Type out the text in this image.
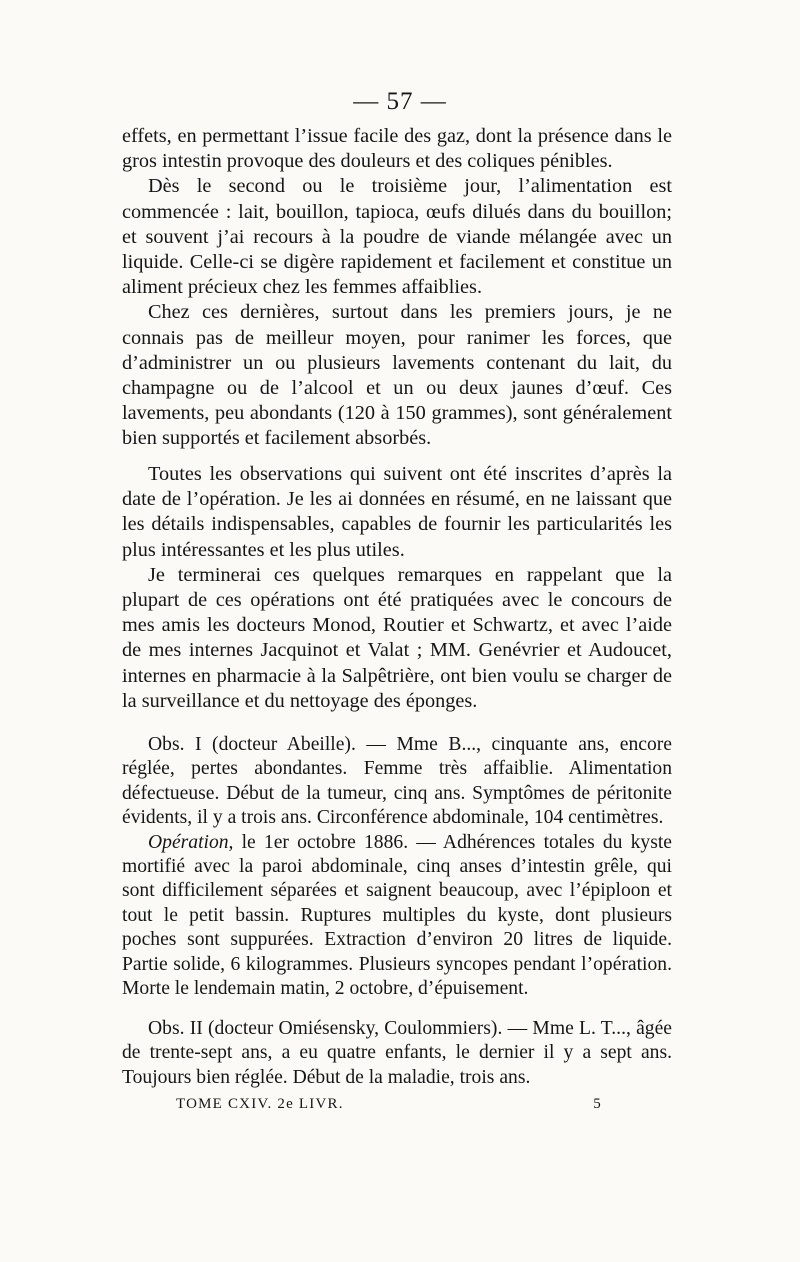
— 57 —

effets, en permettant l’issue facile des gaz, dont la présence dans le gros intestin provoque des douleurs et des coliques pénibles.

Dès le second ou le troisième jour, l’alimentation est commencée : lait, bouillon, tapioca, œufs dilués dans du bouillon; et souvent j’ai recours à la poudre de viande mélangée avec un liquide. Celle-ci se digère rapidement et facilement et constitue un aliment précieux chez les femmes affaiblies.

Chez ces dernières, surtout dans les premiers jours, je ne connais pas de meilleur moyen, pour ranimer les forces, que d’administrer un ou plusieurs lavements contenant du lait, du champagne ou de l’alcool et un ou deux jaunes d’œuf. Ces lavements, peu abondants (120 à 150 grammes), sont généralement bien supportés et facilement absorbés.

Toutes les observations qui suivent ont été inscrites d’après la date de l’opération. Je les ai données en résumé, en ne laissant que les détails indispensables, capables de fournir les particularités les plus intéressantes et les plus utiles.

Je terminerai ces quelques remarques en rappelant que la plupart de ces opérations ont été pratiquées avec le concours de mes amis les docteurs Monod, Routier et Schwartz, et avec l’aide de mes internes Jacquinot et Valat ; MM. Genévrier et Audoucet, internes en pharmacie à la Salpêtrière, ont bien voulu se charger de la surveillance et du nettoyage des éponges.

Obs. I (docteur Abeille). — Mme B..., cinquante ans, encore réglée, pertes abondantes. Femme très affaiblie. Alimentation défectueuse. Début de la tumeur, cinq ans. Symptômes de péritonite évidents, il y a trois ans. Circonférence abdominale, 104 centimètres.

Opération, le 1er octobre 1886. — Adhérences totales du kyste mortifié avec la paroi abdominale, cinq anses d’intestin grêle, qui sont difficilement séparées et saignent beaucoup, avec l’épiploon et tout le petit bassin. Ruptures multiples du kyste, dont plusieurs poches sont suppurées. Extraction d’environ 20 litres de liquide. Partie solide, 6 kilogrammes. Plusieurs syncopes pendant l’opération. Morte le lendemain matin, 2 octobre, d’épuisement.

Obs. II (docteur Omiésensky, Coulommiers). — Mme L. T..., âgée de trente-sept ans, a eu quatre enfants, le dernier il y a sept ans. Toujours bien réglée. Début de la maladie, trois ans.

TOME CXIV. 2e LIVR.	5
